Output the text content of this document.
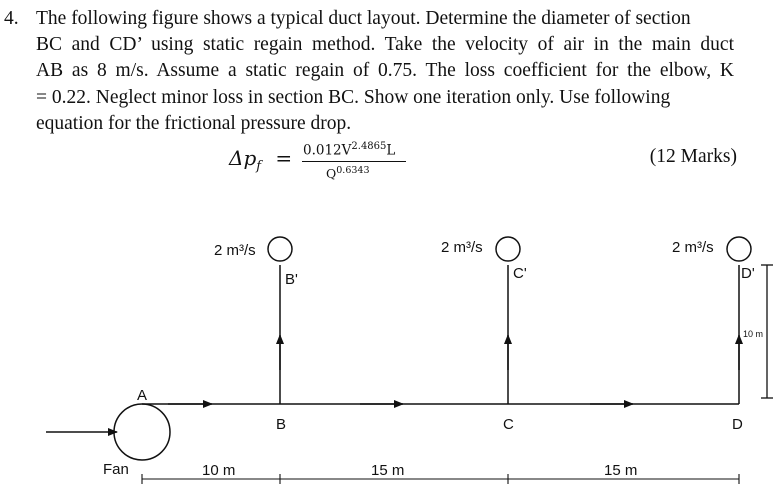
4. The following figure shows a typical duct layout. Determine the diameter of section
BC and CD’ using static regain method. Take the velocity of air in the main duct
AB as 8 m/s. Assume a static regain of 0.75. The loss coefficient for the elbow, K
= 0.22. Neglect minor loss in section BC. Show one iteration only. Use following
equation for the frictional pressure drop.
$\Delta p_f = 0.012V^{2.4865}L$
$Q^{0.6343}$
(12 Marks)
Fan
A
B	C	D
B'	C'	D'
2 m³/s	2 m³/s	2 m³/s
10 m	15 m	15 m
10 m
